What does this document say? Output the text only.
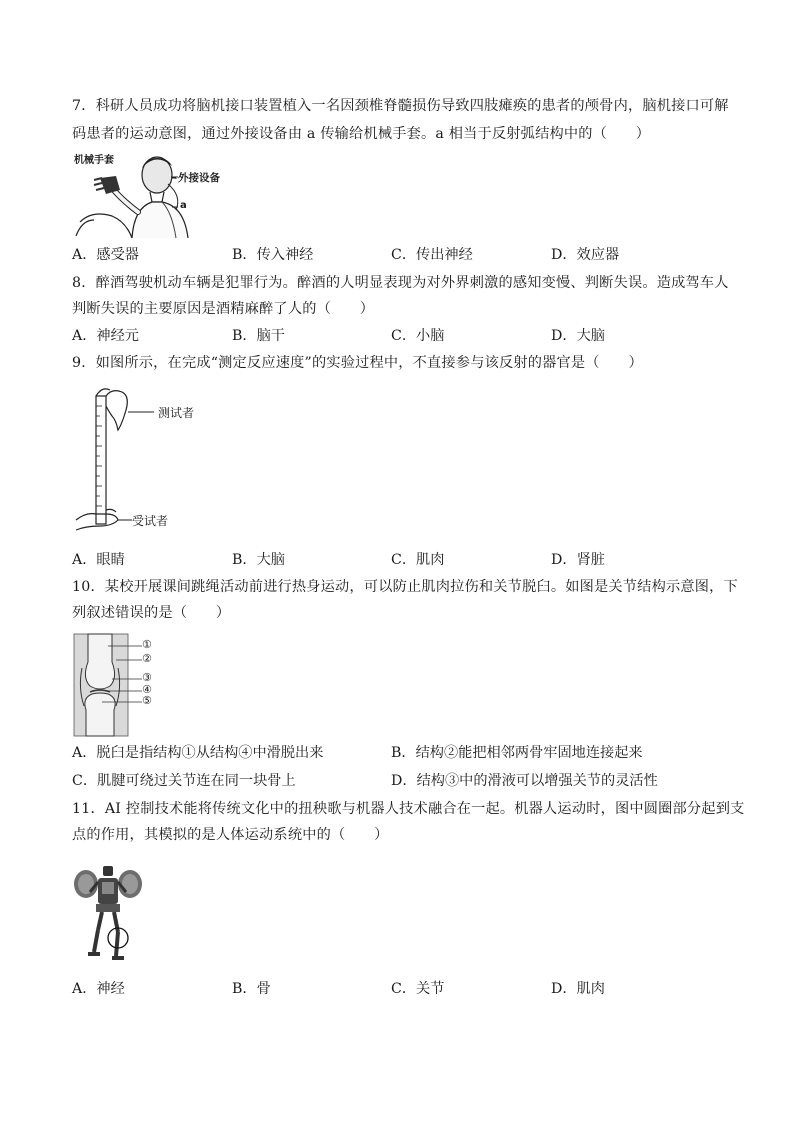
7．科研人员成功将脑机接口装置植入一名因颈椎脊髓损伤导致四肢瘫痪的患者的颅骨内，脑机接口可解
码患者的运动意图，通过外接设备由 a 传输给机械手套。a 相当于反射弧结构中的（　　）
机械手套
外接设备
a
A．感受器	B．传入神经	C．传出神经	D．效应器
8．醉酒驾驶机动车辆是犯罪行为。醉酒的人明显表现为对外界刺激的感知变慢、判断失误。造成驾车人
判断失误的主要原因是酒精麻醉了人的（　　）
A．神经元	B．脑干	C．小脑	D．大脑
9．如图所示，在完成“测定反应速度”的实验过程中，不直接参与该反射的器官是（　　）
测试者
受试者
A．眼睛	B．大脑	C．肌肉	D．肾脏
10．某校开展课间跳绳活动前进行热身运动，可以防止肌肉拉伤和关节脱臼。如图是关节结构示意图，下
列叙述错误的是（　　）
①
②
③
④
⑤
A．脱臼是指结构①从结构④中滑脱出来	B．结构②能把相邻两骨牢固地连接起来
C．肌腱可绕过关节连在同一块骨上	D．结构③中的滑液可以增强关节的灵活性
11．AI 控制技术能将传统文化中的扭秧歌与机器人技术融合在一起。机器人运动时，图中圆圈部分起到支
点的作用，其模拟的是人体运动系统中的（　　）
A．神经	B．骨	C．关节	D．肌肉
